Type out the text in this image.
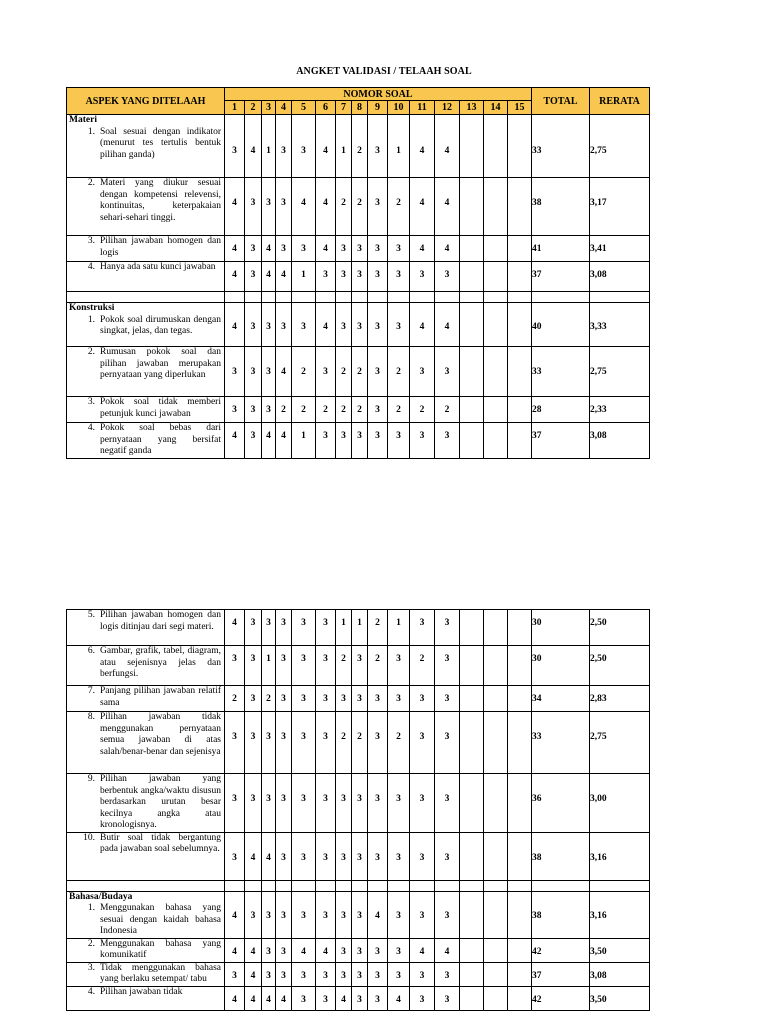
ANGKET VALIDASI / TELAAH SOAL
ASPEK YANG DITELAAH	NOMOR SOAL															TOTAL	RERATA
	1	2	3	4	5	6	7	8	9	10	11	12	13	14	15		

Materi
1. Soal sesuai dengan indikator (menurut tes tertulis bentuk pilihan ganda)	3	4	1	3	3	4	1	2	3	1	4	4				33	2,75

2. Materi yang diukur sesuai dengan kompetensi relevensi, kontinuitas, keterpakaian sehari-sehari tinggi.	4	3	3	3	4	4	2	2	3	2	4	4				38	3,17

3. Pilihan jawaban homogen dan logis	4	3	4	3	3	4	3	3	3	3	4	4				41	3,41

4. Hanya ada satu kunci jawaban	4	3	4	4	1	3	3	3	3	3	3	3				37	3,08

Konstruksi
1. Pokok soal dirumuskan dengan singkat, jelas, dan tegas.	4	3	3	3	3	4	3	3	3	3	4	4				40	3,33

2. Rumusan pokok soal dan pilihan jawaban merupakan pernyataan yang diperlukan	3	3	3	4	2	3	2	2	3	2	3	3				33	2,75

3. Pokok soal tidak memberi petunjuk kunci jawaban	3	3	3	2	2	2	2	2	3	2	2	2				28	2,33

4. Pokok soal bebas dari pernyataan yang bersifat negatif ganda	4	3	4	4	1	3	3	3	3	3	3	3				37	3,08
5. Pilihan jawaban homogen dan logis ditinjau dari segi materi.	4	3	3	3	3	3	1	1	2	1	3	3				30	2,50

6. Gambar, grafik, tabel, diagram, atau sejenisnya jelas dan berfungsi.	3	3	1	3	3	3	2	3	2	3	2	3				30	2,50

7. Panjang pilihan jawaban relatif sama	2	3	2	3	3	3	3	3	3	3	3	3				34	2,83

8. Pilihan jawaban tidak menggunakan pernyataan semua jawaban di atas salah/benar-benar dan sejenisya	3	3	3	3	3	3	2	2	3	2	3	3				33	2,75

9. Pilihan jawaban yang berbentuk angka/waktu disusun berdasarkan urutan besar kecilnya angka atau kronologisnya.	3	3	3	3	3	3	3	3	3	3	3	3				36	3,00

10. Butir soal tidak bergantung pada jawaban soal sebelumnya.	3	4	4	3	3	3	3	3	3	3	3	3				38	3,16

Bahasa/Budaya
1. Menggunakan bahasa yang sesuai dengan kaidah bahasa Indonesia	4	3	3	3	3	3	3	3	4	3	3	3				38	3,16

2. Menggunakan bahasa yang komunikatif	4	4	3	3	4	4	3	3	3	3	4	4				42	3,50

3. Tidak menggunakan bahasa yang berlaku setempat/ tabu	3	4	3	3	3	3	3	3	3	3	3	3				37	3,08

4. Pilihan jawaban tidak	4	4	4	4	3	3	4	3	3	4	3	3				42	3,50
